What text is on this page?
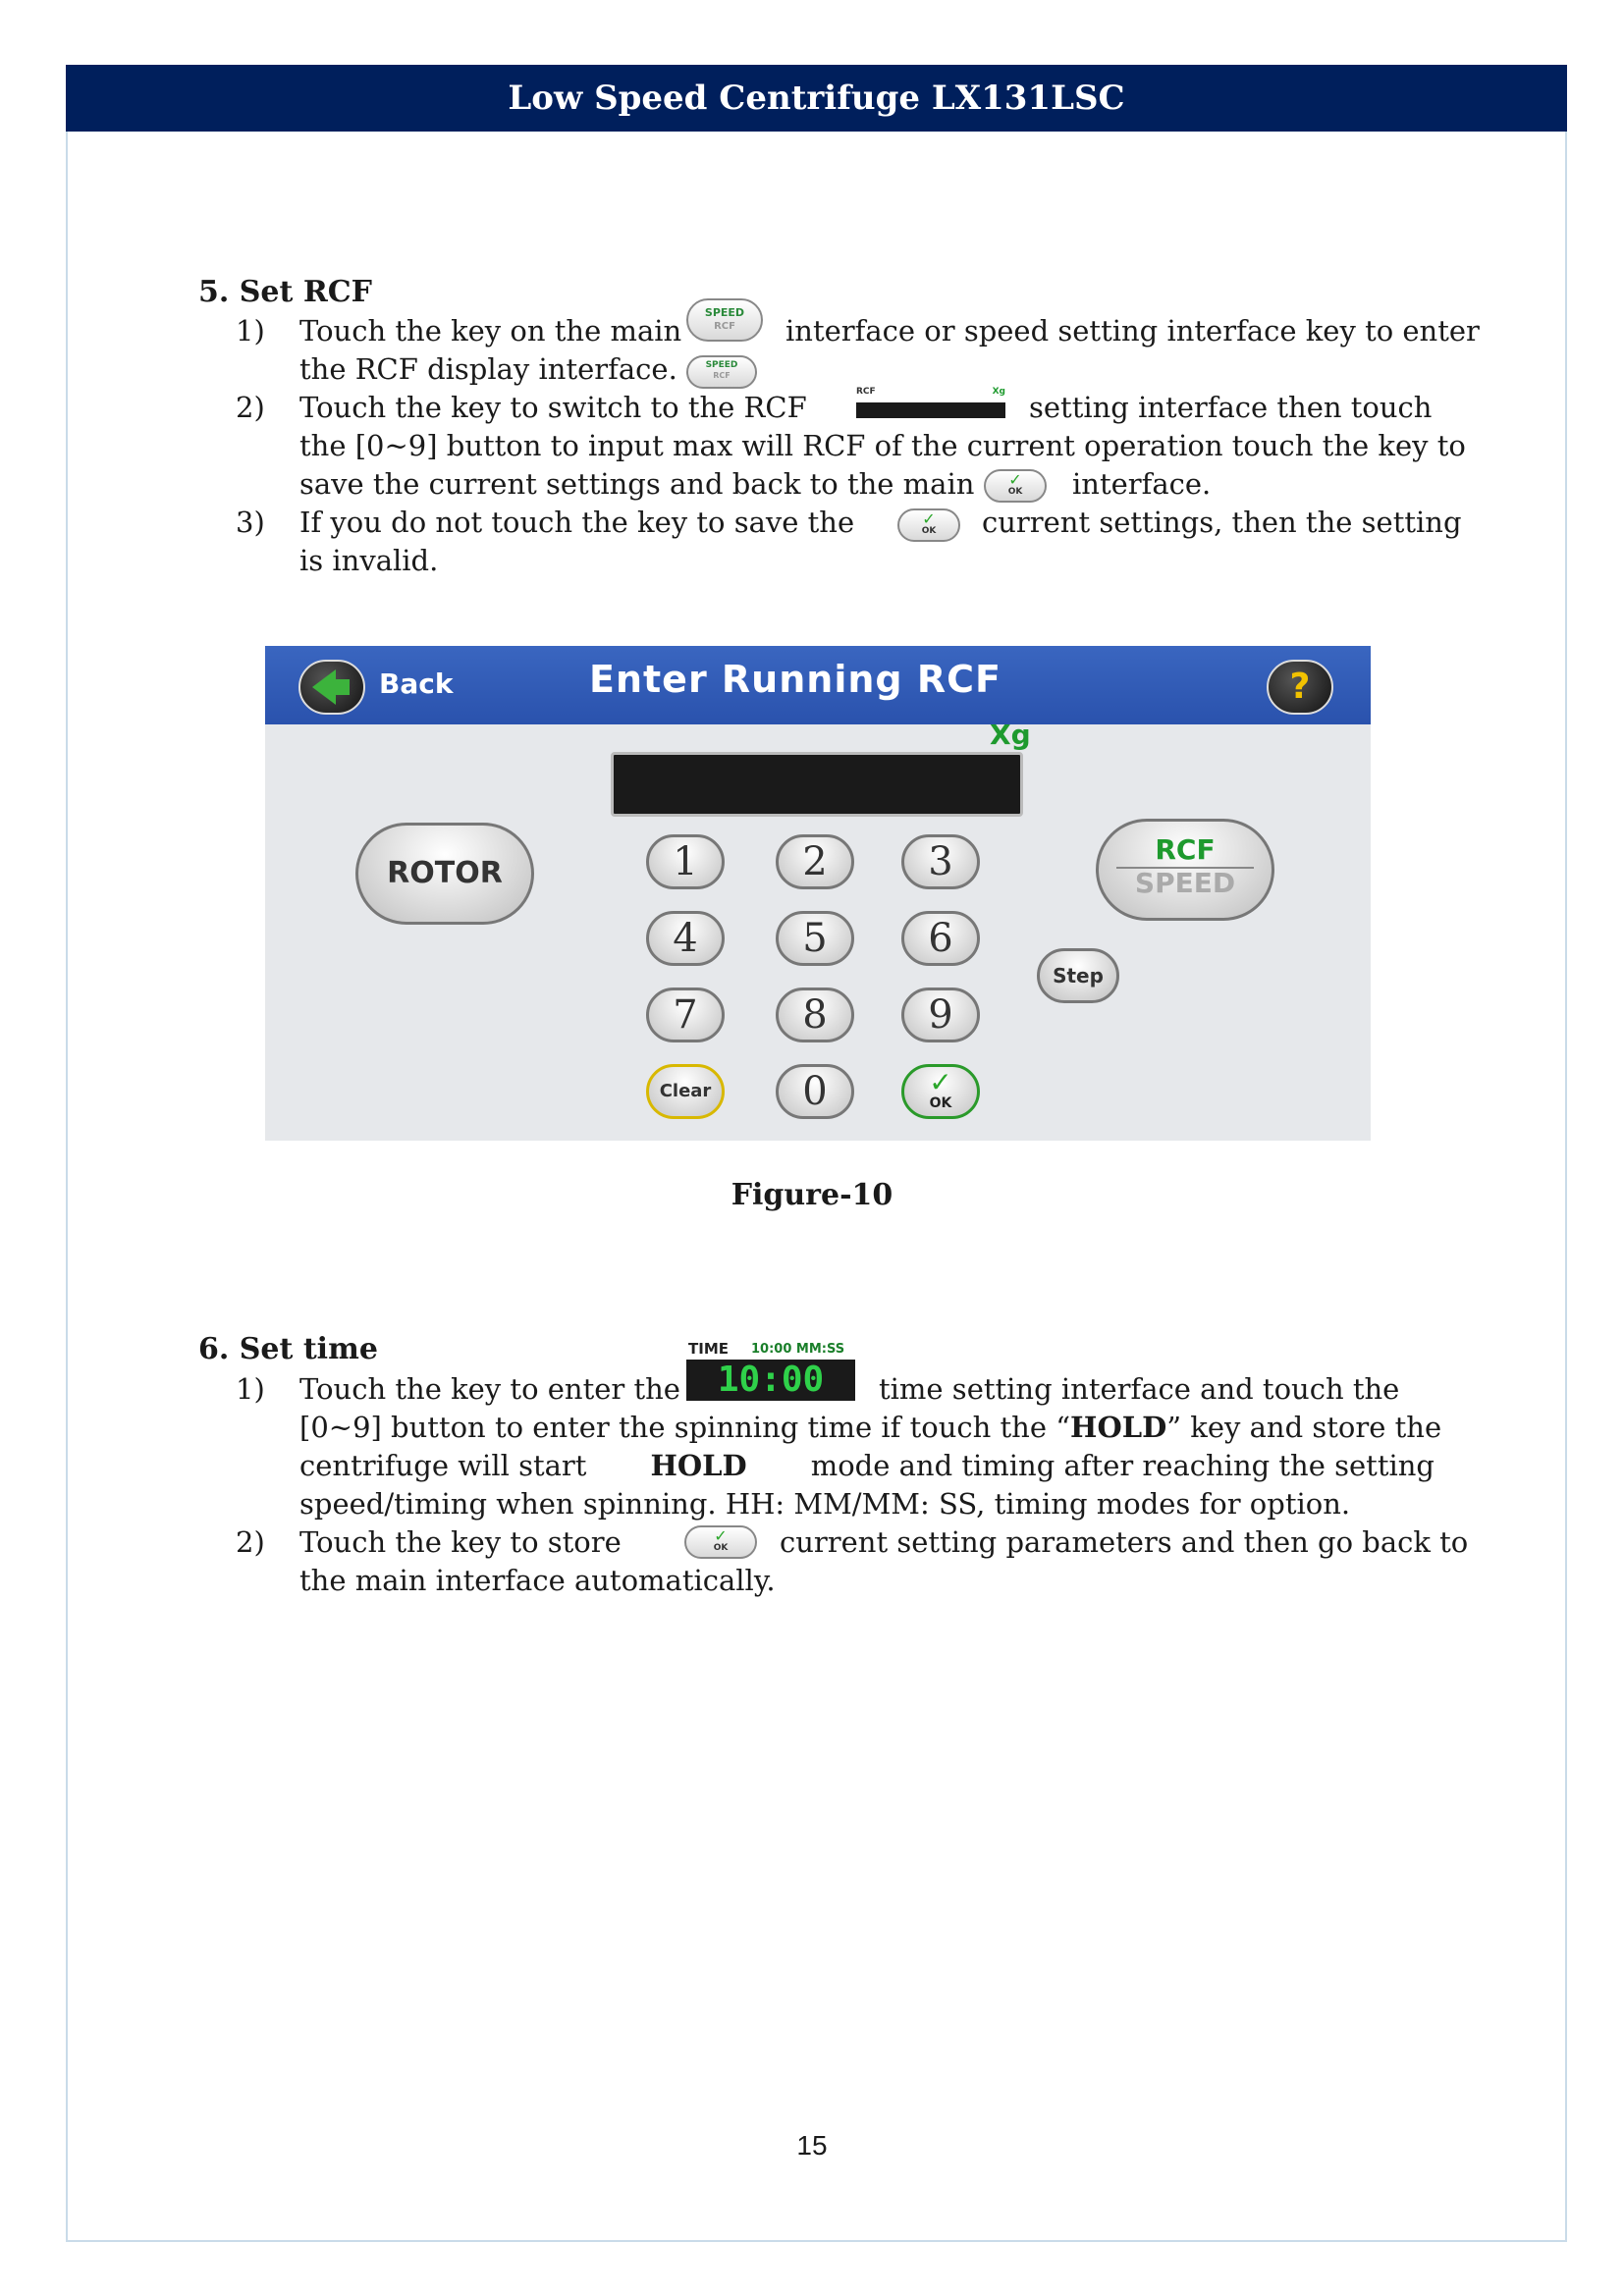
Low Speed Centrifuge LX131LSC
5. Set RCF
1) Touch the key on the main
SPEED
RCF	interface or speed setting interface key to enter
the RCF display interface.	SPEED
RCF
2) Touch the key to switch to the RCF	RCF	Xg setting interface then touch
the [0~9] button to input max will RCF of the current operation touch the key to
save the current settings and back to the main	✓
OK	interface.
3) If you do not touch the key to save the	✓
OK	current settings, then the setting
is invalid.
Back	Enter Running RCF	?
Xg
ROTOR
RCF
SPEED
1	2	3
4	5	6
7	8	9
Clear	0	✓
OK
Step
Figure-10
6. Set time
1) Touch the key to enter the
TIME 10:00 MM:SS
10:00	time setting interface and touch the
[0~9] button to enter the spinning time if touch the “HOLD” key and store the
centrifuge will start HOLD mode and timing after reaching the setting
speed/timing when spinning. HH: MM/MM: SS, timing modes for option.
2) Touch the key to store	✓
OK	current setting parameters and then go back to
the main interface automatically.
15
